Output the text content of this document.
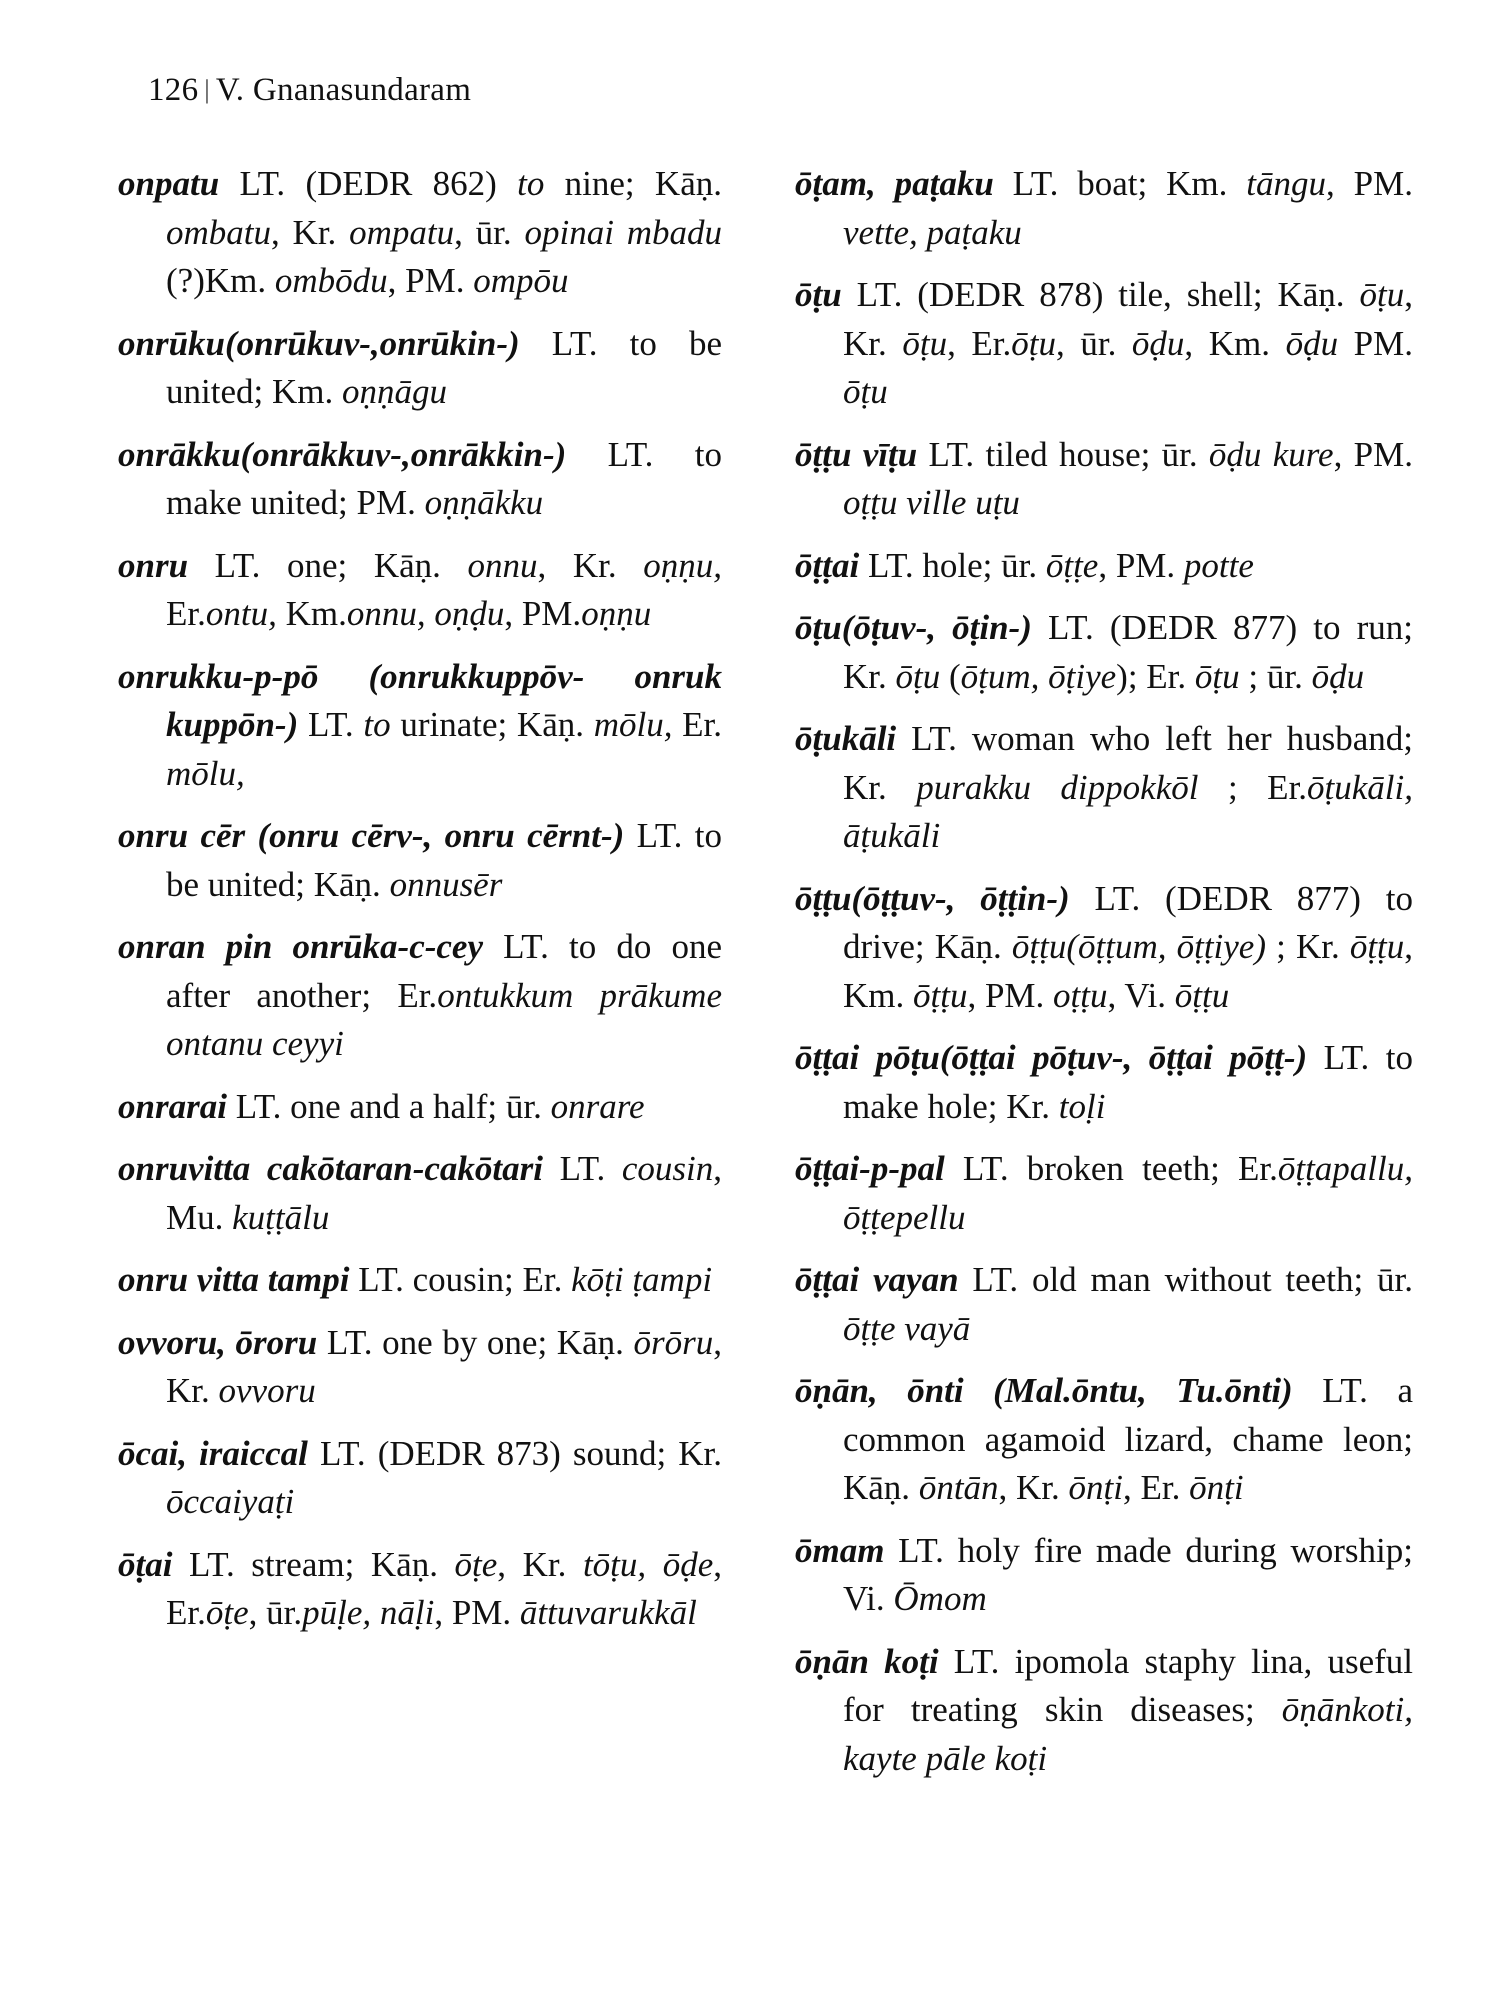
126 | V. Gnanasundaram
onpatu LT. (DEDR 862) to nine; Kāṇ. ombatu, Kr. ompatu, ūr. opinai mbadu (?)Km. ombōdu, PM. ompōu
onrūku(onrūkuv-,onrūkin-) LT. to be united; Km. oṇṇāgu
onrākku(onrākkuv-,onrākkin-) LT. to make united; PM. oṇṇākku
onru LT. one; Kāṇ. onnu, Kr. oṇṇu, Er.ontu, Km.onnu, oṇḍu, PM.oṇṇu
onrukku-p-pō (onrukkuppōv- onruk kuppōn-) LT. to urinate; Kāṇ. mōlu, Er. mōlu,
onru cēr (onru cērv-, onru cērnt-) LT. to be united; Kāṇ. onnusēr
onran pin onrūka-c-cey LT. to do one after another; Er.ontukkum prākume ontanu ceyyi
onrarai LT. one and a half; ūr. onrare
onruvitta cakōtaran-cakōtari LT. cousin, Mu. kuṭṭālu
onru vitta tampi LT. cousin; Er. kōṭi ṭampi
ovvoru, ōroru LT. one by one; Kāṇ. ōrōru, Kr. ovvoru
ōcai, iraiccal LT. (DEDR 873) sound; Kr. ōccaiyaṭi
ōṭai LT. stream; Kāṇ. ōṭe, Kr. tōṭu, ōḍe, Er.ōṭe, ūr.pūḷe, nāḷi, PM. āttuvarukkāl
ōṭam, paṭaku LT. boat; Km. tāngu, PM. vette, paṭaku
ōṭu LT. (DEDR 878) tile, shell; Kāṇ. ōṭu, Kr. ōṭu, Er.ōṭu, ūr. ōḍu, Km. ōḍu PM. ōṭu
ōṭṭu vīṭu LT. tiled house; ūr. ōḍu kure, PM. oṭṭu ville uṭu
ōṭṭai LT. hole; ūr. ōṭṭe, PM. potte
ōṭu(ōṭuv-, ōṭin-) LT. (DEDR 877) to run; Kr. ōṭu (ōṭum, ōṭiye); Er. ōṭu ; ūr. ōḍu
ōṭukāli LT. woman who left her husband; Kr. purakku dippokkōl ; Er.ōṭukāli, āṭukāli
ōṭṭu(ōṭṭuv-, ōṭṭin-) LT. (DEDR 877) to drive; Kāṇ. ōṭṭu(ōṭṭum, ōṭṭiye) ; Kr. ōṭṭu, Km. ōṭṭu, PM. oṭṭu, Vi. ōṭṭu
ōṭṭai pōṭu(ōṭṭai pōṭuv-, ōṭṭai pōṭṭ-) LT. to make hole; Kr. toḷi
ōṭṭai-p-pal LT. broken teeth; Er.ōṭṭapallu, ōṭṭepellu
ōṭṭai vayan LT. old man without teeth; ūr. ōṭṭe vayā
ōṇān, ōnti (Mal.ōntu, Tu.ōnti) LT. a common agamoid lizard, chame leon; Kāṇ. ōntān, Kr. ōnṭi, Er. ōnṭi
ōmam LT. holy fire made during worship; Vi. Ōmom
ōṇān koṭi LT. ipomola staphy lina, useful for treating skin diseases; ōṇānkoti, kayte pāle koṭi
